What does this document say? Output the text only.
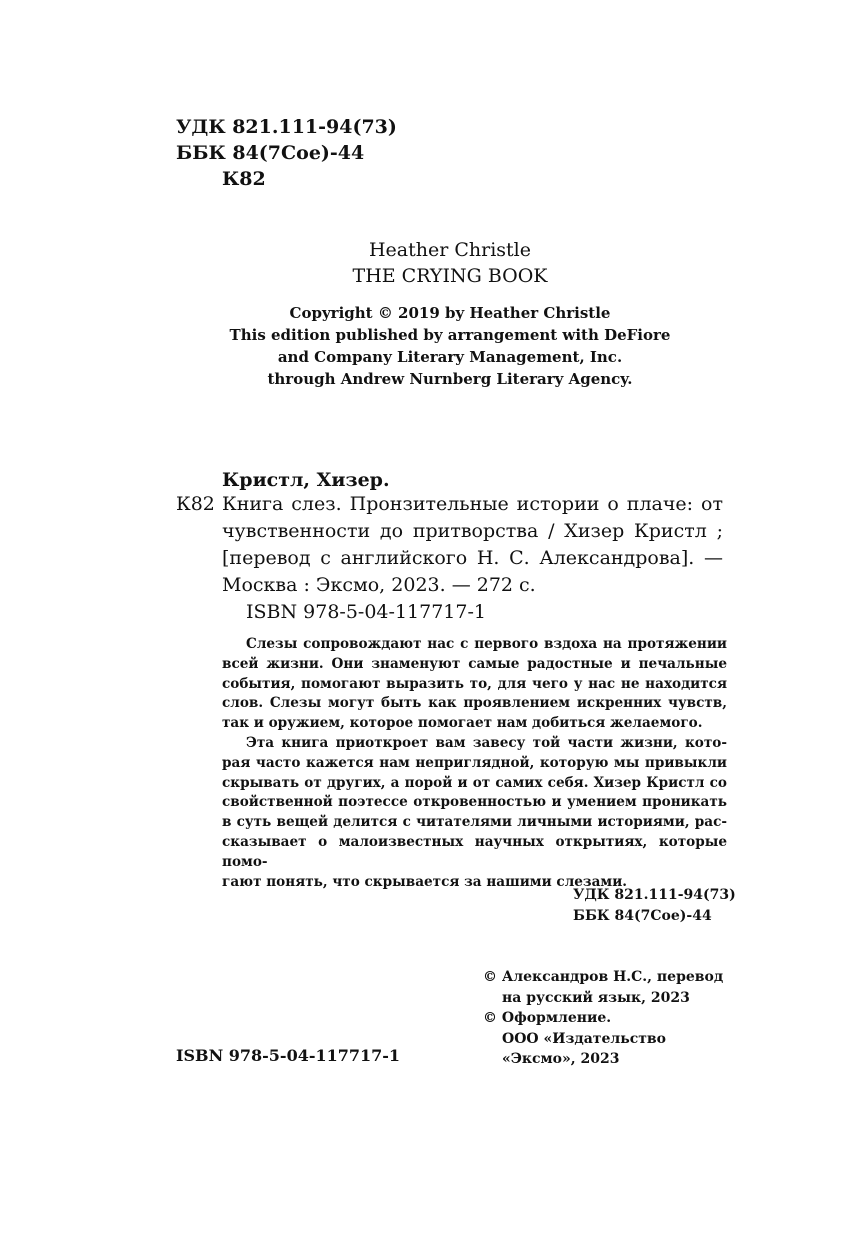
УДК 821.111-94(73)
ББК 84(7Сое)-44
К82
Heather Christle
THE CRYING BOOK
Copyright © 2019 by Heather Christle
This edition published by arrangement with DeFiore
and Company Literary Management, Inc.
through Andrew Nurnberg Literary Agency.
Кристл, Хизер.
К82 Книга слез. Пронзительные истории о плаче: от
чувственности до притворства / Хизер Кристл ;
[перевод с английского Н. С. Александрова]. —
Москва : Эксмо, 2023. — 272 с.
ISBN 978-5-04-117717-1
Слезы сопровождают нас с первого вздоха на протяжении
всей жизни. Они знаменуют самые радостные и печальные
события, помогают выразить то, для чего у нас не находится
слов. Слезы могут быть как проявлением искренних чувств,
так и оружием, которое помогает нам добиться желаемого.
Эта книга приоткроет вам завесу той части жизни, кото-
рая часто кажется нам неприглядной, которую мы привыкли
скрывать от других, а порой и от самих себя. Хизер Кристл со
свойственной поэтессе откровенностью и умением проникать
в суть вещей делится с читателями личными историями, рас-
сказывает о малоизвестных научных открытиях, которые помо-
гают понять, что скрывается за нашими слезами.
УДК 821.111-94(73)
ББК 84(7Сое)-44
© Александров Н.С., перевод
на русский язык, 2023
© Оформление.
ООО «Издательство
«Эксмо», 2023
ISBN 978-5-04-117717-1
